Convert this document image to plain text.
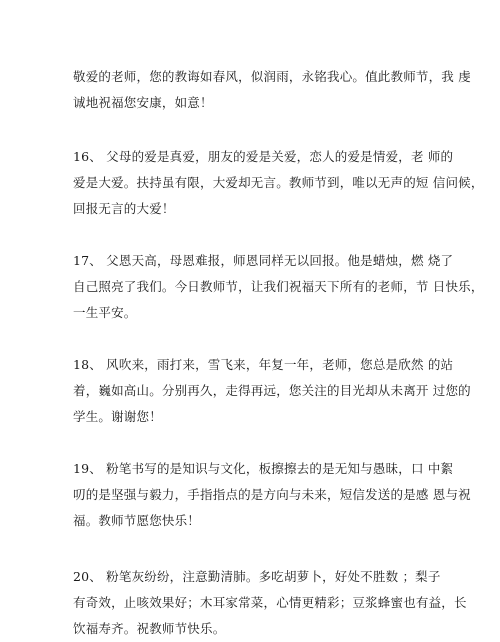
敬爱的老师，您的教诲如春风，似润雨，永铭我心。值此教师节，我 虔
诚地祝福您安康，如意！
16、 父母的爱是真爱，朋友的爱是关爱，恋人的爱是情爱，老 师的
爱是大爱。扶持虽有限，大爱却无言。教师节到，唯以无声的短 信问候，
回报无言的大爱！
17、 父恩天高，母恩难报，师恩同样无以回报。他是蜡烛，燃 烧了
自己照亮了我们。今日教师节，让我们祝福天下所有的老师，节 日快乐，
一生平安。
18、 风吹来，雨打来，雪飞来，年复一年，老师，您总是欣然 的站
着，巍如高山。分别再久，走得再远，您关注的目光却从未离开 过您的
学生。谢谢您！
19、 粉笔书写的是知识与文化，板擦擦去的是无知与愚昧，口 中絮
叨的是坚强与毅力，手指指点的是方向与未来，短信发送的是感 恩与祝
福。教师节愿您快乐！
20、 粉笔灰纷纷，注意勤清肺。多吃胡萝卜，好处不胜数 ；梨子
有奇效，止咳效果好；木耳家常菜，心情更精彩；豆浆蜂蜜也有益，长
饮福寿齐。祝教师节快乐。
